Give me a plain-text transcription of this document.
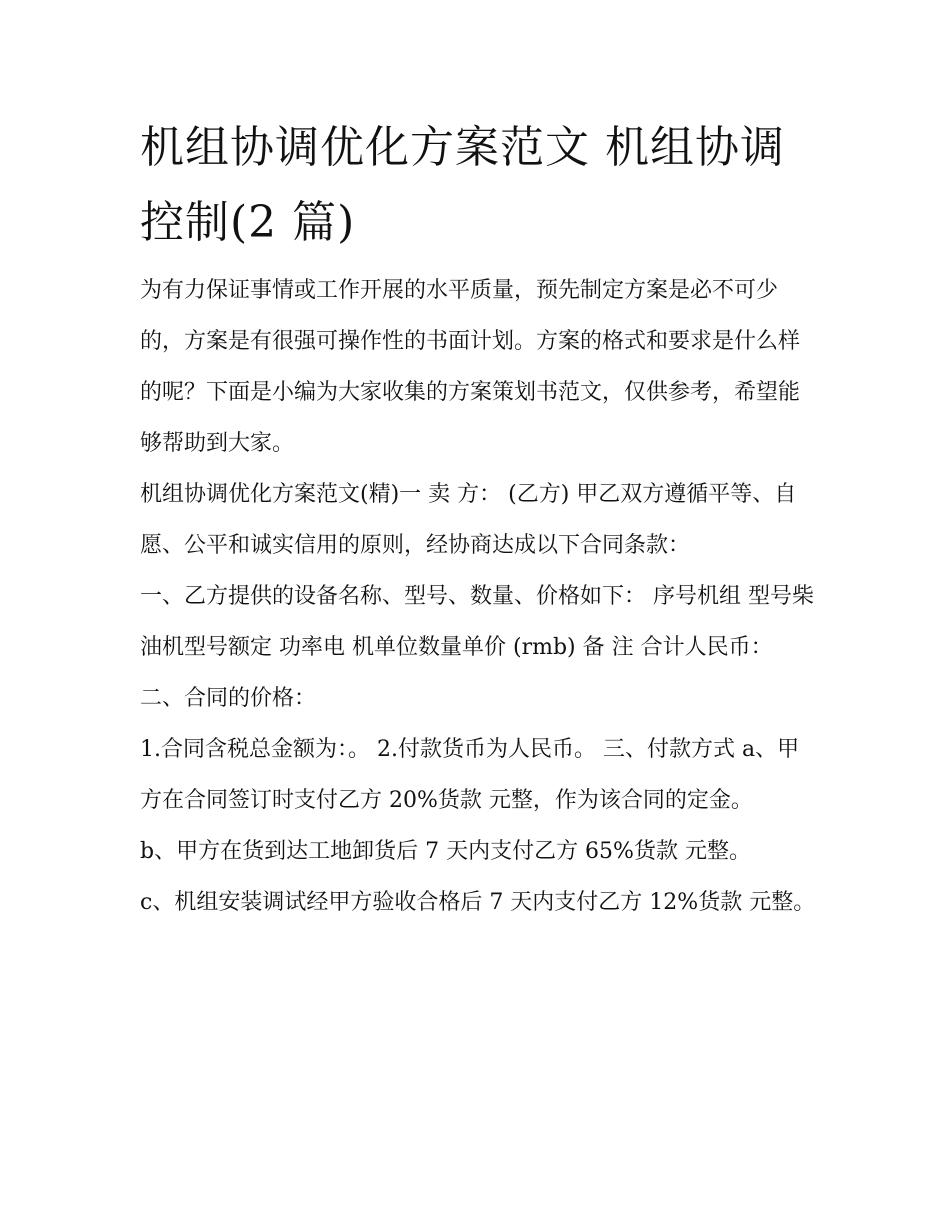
机组协调优化方案范文 机组协调控制(2 篇)

为有力保证事情或工作开展的水平质量，预先制定方案是必不可少的，方案是有很强可操作性的书面计划。方案的格式和要求是什么样的呢？下面是小编为大家收集的方案策划书范文，仅供参考，希望能够帮助到大家。

机组协调优化方案范文(精)一 卖 方： (乙方) 甲乙双方遵循平等、自愿、公平和诚实信用的原则，经协商达成以下合同条款：

一、乙方提供的设备名称、型号、数量、价格如下： 序号机组 型号柴油机型号额定 功率电 机单位数量单价 (rmb) 备 注 合计人民币： 二、合同的价格：

1.合同含税总金额为：。 2.付款货币为人民币。 三、付款方式 a、甲方在合同签订时支付乙方 20%货款 元整，作为该合同的定金。

b、甲方在货到达工地卸货后 7 天内支付乙方 65%货款 元整。

c、机组安装调试经甲方验收合格后 7 天内支付乙方 12%货款 元整。
